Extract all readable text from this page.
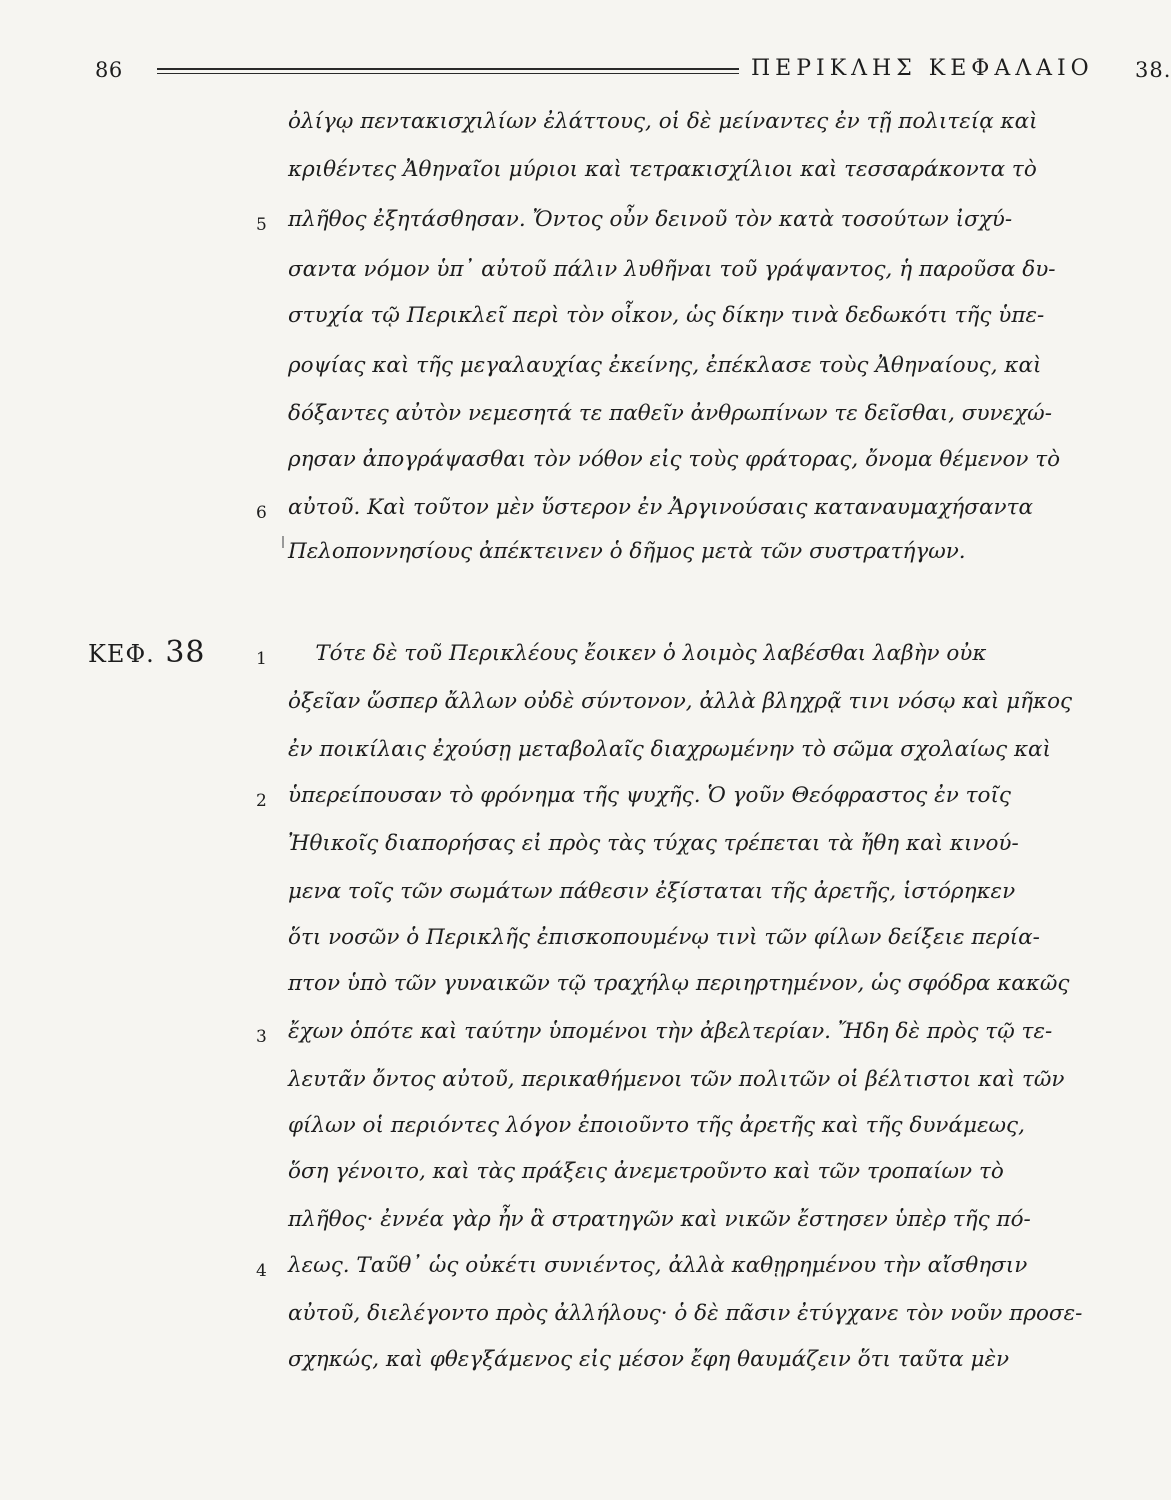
86	ΠΕΡΙΚΛΗΣ ΚΕΦΑΛΑΙΟ 38.
ΚΕΦ. 38
ὀλίγῳ πεντακισχιλίων ἐλάττους, οἱ δὲ μείναντες ἐν τῇ πολιτείᾳ καὶ
κριθέντες Ἀθηναῖοι μύριοι καὶ τετρακισχίλιοι καὶ τεσσαράκοντα τὸ
5 πλῆθος ἐξητάσθησαν. Ὄντος οὖν δεινοῦ τὸν κατὰ τοσούτων ἰσχύ-
σαντα νόμον ὑπ᾽ αὐτοῦ πάλιν λυθῆναι τοῦ γράψαντος, ἡ παροῦσα δυ-
στυχία τῷ Περικλεῖ περὶ τὸν οἶκον, ὡς δίκην τινὰ δεδωκότι τῆς ὑπε-
ροψίας καὶ τῆς μεγαλαυχίας ἐκείνης, ἐπέκλασε τοὺς Ἀθηναίους, καὶ
δόξαντες αὐτὸν νεμεσητά τε παθεῖν ἀνθρωπίνων τε δεῖσθαι, συνεχώ-
ρησαν ἀπογράψασθαι τὸν νόθον εἰς τοὺς φράτορας, ὄνομα θέμενον τὸ
6 αὐτοῦ. Καὶ τοῦτον μὲν ὕστερον ἐν Ἀργινούσαις καταναυμαχήσαντα
Πελοποννησίους ἀπέκτεινεν ὁ δῆμος μετὰ τῶν συστρατήγων.
1 Τότε δὲ τοῦ Περικλέους ἔοικεν ὁ λοιμὸς λαβέσθαι λαβὴν οὐκ
ὀξεῖαν ὥσπερ ἄλλων οὐδὲ σύντονον, ἀλλὰ βληχρᾷ τινι νόσῳ καὶ μῆκος
ἐν ποικίλαις ἐχούσῃ μεταβολαῖς διαχρωμένην τὸ σῶμα σχολαίως καὶ
2 ὑπερείπουσαν τὸ φρόνημα τῆς ψυχῆς. Ὁ γοῦν Θεόφραστος ἐν τοῖς
Ἠθικοῖς διαπορήσας εἰ πρὸς τὰς τύχας τρέπεται τὰ ἤθη καὶ κινού-
μενα τοῖς τῶν σωμάτων πάθεσιν ἐξίσταται τῆς ἀρετῆς, ἱστόρηκεν
ὅτι νοσῶν ὁ Περικλῆς ἐπισκοπουμένῳ τινὶ τῶν φίλων δείξειε περία-
πτον ὑπὸ τῶν γυναικῶν τῷ τραχήλῳ περιηρτημένον, ὡς σφόδρα κακῶς
3 ἔχων ὁπότε καὶ ταύτην ὑπομένοι τὴν ἀβελτερίαν. Ἤδη δὲ πρὸς τῷ τε-
λευτᾶν ὄντος αὐτοῦ, περικαθήμενοι τῶν πολιτῶν οἱ βέλτιστοι καὶ τῶν
φίλων οἱ περιόντες λόγον ἐποιοῦντο τῆς ἀρετῆς καὶ τῆς δυνάμεως,
ὅση γένοιτο, καὶ τὰς πράξεις ἀνεμετροῦντο καὶ τῶν τροπαίων τὸ
πλῆθος· ἐννέα γὰρ ἦν ἃ στρατηγῶν καὶ νικῶν ἔστησεν ὑπὲρ τῆς πό-
4 λεως. Ταῦθ᾽ ὡς οὐκέτι συνιέντος, ἀλλὰ καθῃρημένου τὴν αἴσθησιν
αὐτοῦ, διελέγοντο πρὸς ἀλλήλους· ὁ δὲ πᾶσιν ἐτύγχανε τὸν νοῦν προσε-
σχηκώς, καὶ φθεγξάμενος εἰς μέσον ἔφη θαυμάζειν ὅτι ταῦτα μὲν
